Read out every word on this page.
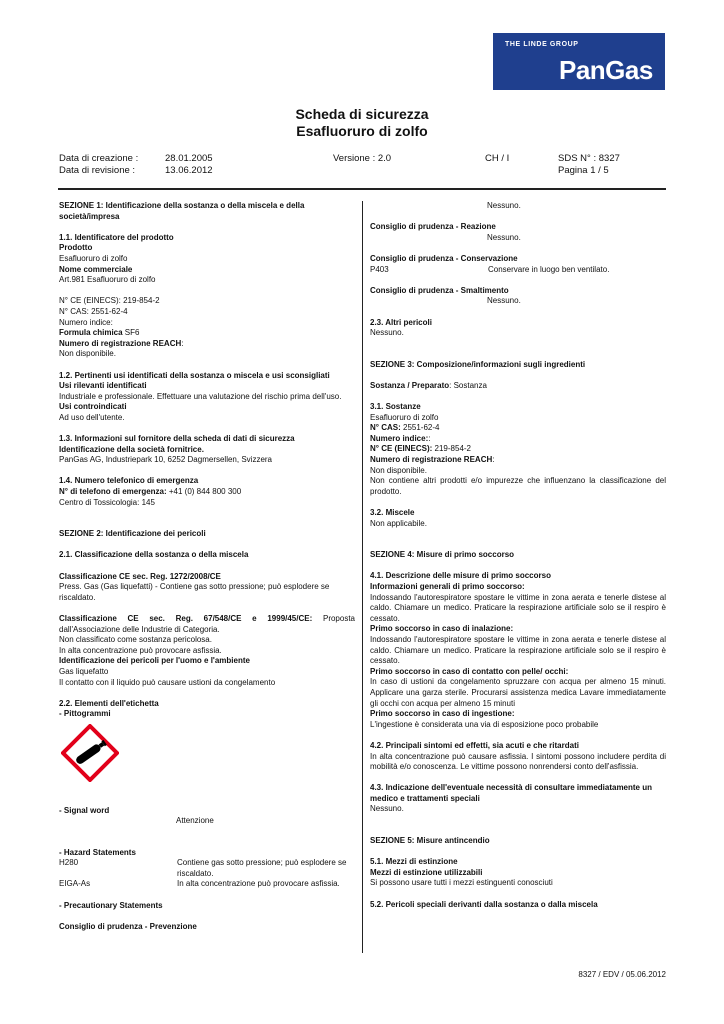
THE LINDE GROUP
PanGas
Scheda di sicurezza
Esafluoruro di zolfo
Data di creazione :	28.01.2005
Data di revisione :	13.06.2012
Versione : 2.0	CH / I	SDS N° : 8327
Pagina 1 / 5

SEZIONE 1: Identificazione della sostanza o della miscela e della

società/impresa

1.1. Identificatore del prodotto

Prodotto

Esafluoruro di zolfo

Nome commerciale

Art.981 Esafluoruro di zolfo

N° CE (EINECS): 219-854-2

N° CAS: 2551-62-4

Numero indice:

Formula chimica SF6

Numero di registrazione REACH:

Non disponibile.

1.2. Pertinenti usi identificati della sostanza o miscela e usi sconsigliati

Usi rilevanti identificati

Industriale e professionale. Effettuare una valutazione del rischio prima dell'uso.

Usi controindicati

Ad uso dell'utente.

1.3. Informazioni sul fornitore della scheda di dati di sicurezza

Identificazione della società fornitrice.

PanGas AG, Industriepark 10, 6252 Dagmersellen, Svizzera

1.4. Numero telefonico di emergenza

N° di telefono di emergenza: +41 (0) 844 800 300

Centro di Tossicologia: 145

SEZIONE 2: Identificazione dei pericoli

2.1. Classificazione della sostanza o della miscela

Classificazione CE sec. Reg. 1272/2008/CE

Press. Gas (Gas liquefatti) - Contiene gas sotto pressione; può esplodere se riscaldato.

Classificazione CE sec. Reg. 67/548/CE e 1999/45/CE: Proposta dall'Associazione delle Industrie di Categoria.

Non classificato come sostanza pericolosa.

In alta concentrazione può provocare asfissia.

Identificazione dei pericoli per l'uomo e l'ambiente

Gas liquefatto

Il contatto con il liquido può causare ustioni da congelamento

2.2. Elementi dell'etichetta

- Pittogrammi

- Signal word

Attenzione

- Hazard Statements

H280	Contiene gas sotto pressione; può esplodere se riscaldato.
EIGA-As	In alta concentrazione può provocare asfissia.

- Precautionary Statements

Consiglio di prudenza - Prevenzione

Nessuno.

Consiglio di prudenza - Reazione

Nessuno.

Consiglio di prudenza - Conservazione

P403	Conservare in luogo ben ventilato.

Consiglio di prudenza - Smaltimento

Nessuno.

2.3. Altri pericoli

Nessuno.

SEZIONE 3: Composizione/informazioni sugli ingredienti

Sostanza / Preparato: Sostanza

3.1. Sostanze

Esafluoruro di zolfo

N° CAS: 2551-62-4

Numero indice::

N° CE (EINECS): 219-854-2

Numero di registrazione REACH:

Non disponibile.

Non contiene altri prodotti e/o impurezze che influenzano la classificazione del prodotto.

3.2. Miscele

Non applicabile.

SEZIONE 4: Misure di primo soccorso

4.1. Descrizione delle misure di primo soccorso

Informazioni generali di primo soccorso:

Indossando l'autorespiratore spostare le vittime in zona aerata e tenerle distese al caldo. Chiamare un medico. Praticare la respirazione artificiale solo se il respiro è cessato.

Primo soccorso in caso di inalazione:

Indossando l'autorespiratore spostare le vittime in zona aerata e tenerle distese al caldo. Chiamare un medico. Praticare la respirazione artificiale solo se il respiro è cessato.

Primo soccorso in caso di contatto con pelle/ occhi:

In caso di ustioni da congelamento spruzzare con acqua per almeno 15 minuti. Applicare una garza sterile. Procurarsi assistenza medica Lavare immediatamente gli occhi con acqua per almeno 15 minuti

Primo soccorso in caso di ingestione:

L'ingestione è considerata una via di esposizione poco probabile

4.2. Principali sintomi ed effetti, sia acuti e che ritardati

In alta concentrazione può causare asfissia. I sintomi possono includere perdita di mobilità e/o conoscenza. Le vittime possono nonrendersi conto dell'asfissia.

4.3. Indicazione dell'eventuale necessità di consultare immediatamente un medico e trattamenti speciali

Nessuno.

SEZIONE 5: Misure antincendio

5.1. Mezzi di estinzione

Mezzi di estinzione utilizzabili

Si possono usare tutti i mezzi estinguenti conosciuti

5.2. Pericoli speciali derivanti dalla sostanza o dalla miscela

8327 / EDV / 05.06.2012
